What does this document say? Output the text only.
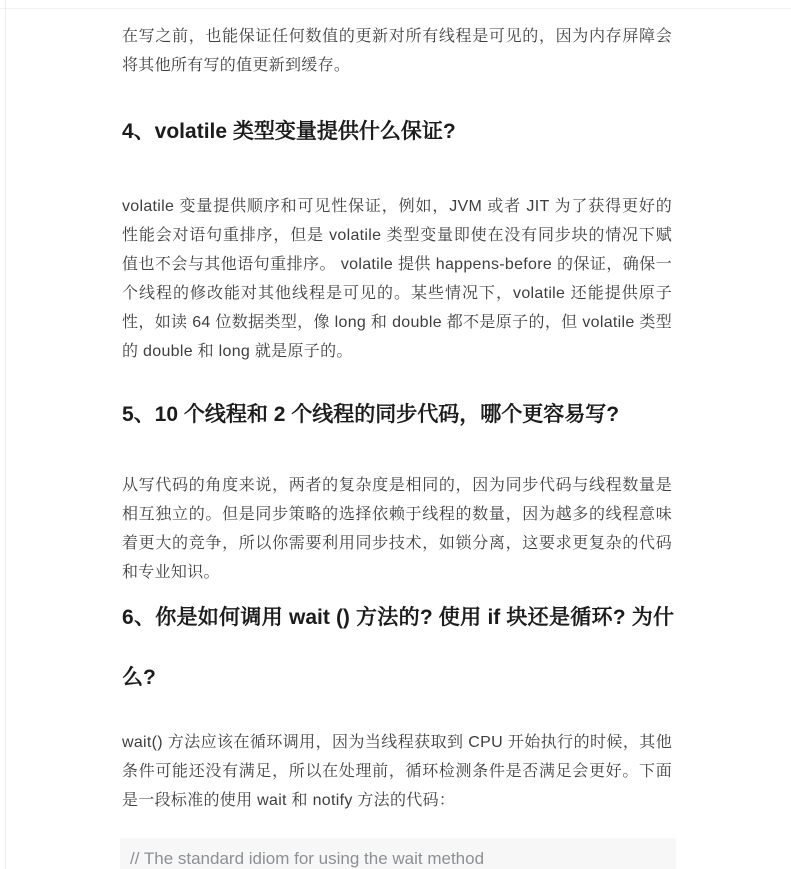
在写之前，也能保证任何数值的更新对所有线程是可见的，因为内存屏障会将其他所有写的值更新到缓存。

4、volatile 类型变量提供什么保证?

volatile 变量提供顺序和可见性保证，例如，JVM 或者 JIT 为了获得更好的性能会对语句重排序，但是 volatile 类型变量即使在没有同步块的情况下赋值也不会与其他语句重排序。 volatile 提供 happens-before 的保证，确保一个线程的修改能对其他线程是可见的。某些情况下，volatile 还能提供原子性，如读 64 位数据类型，像 long 和 double 都不是原子的，但 volatile 类型的 double 和 long 就是原子的。

5、10 个线程和 2 个线程的同步代码，哪个更容易写?

从写代码的角度来说，两者的复杂度是相同的，因为同步代码与线程数量是相互独立的。但是同步策略的选择依赖于线程的数量，因为越多的线程意味着更大的竞争，所以你需要利用同步技术，如锁分离，这要求更复杂的代码和专业知识。

6、你是如何调用 wait () 方法的? 使用 if 块还是循环? 为什么?

wait() 方法应该在循环调用，因为当线程获取到 CPU 开始执行的时候，其他条件可能还没有满足，所以在处理前，循环检测条件是否满足会更好。下面是一段标准的使用 wait 和 notify 方法的代码：

// The standard idiom for using the wait method
